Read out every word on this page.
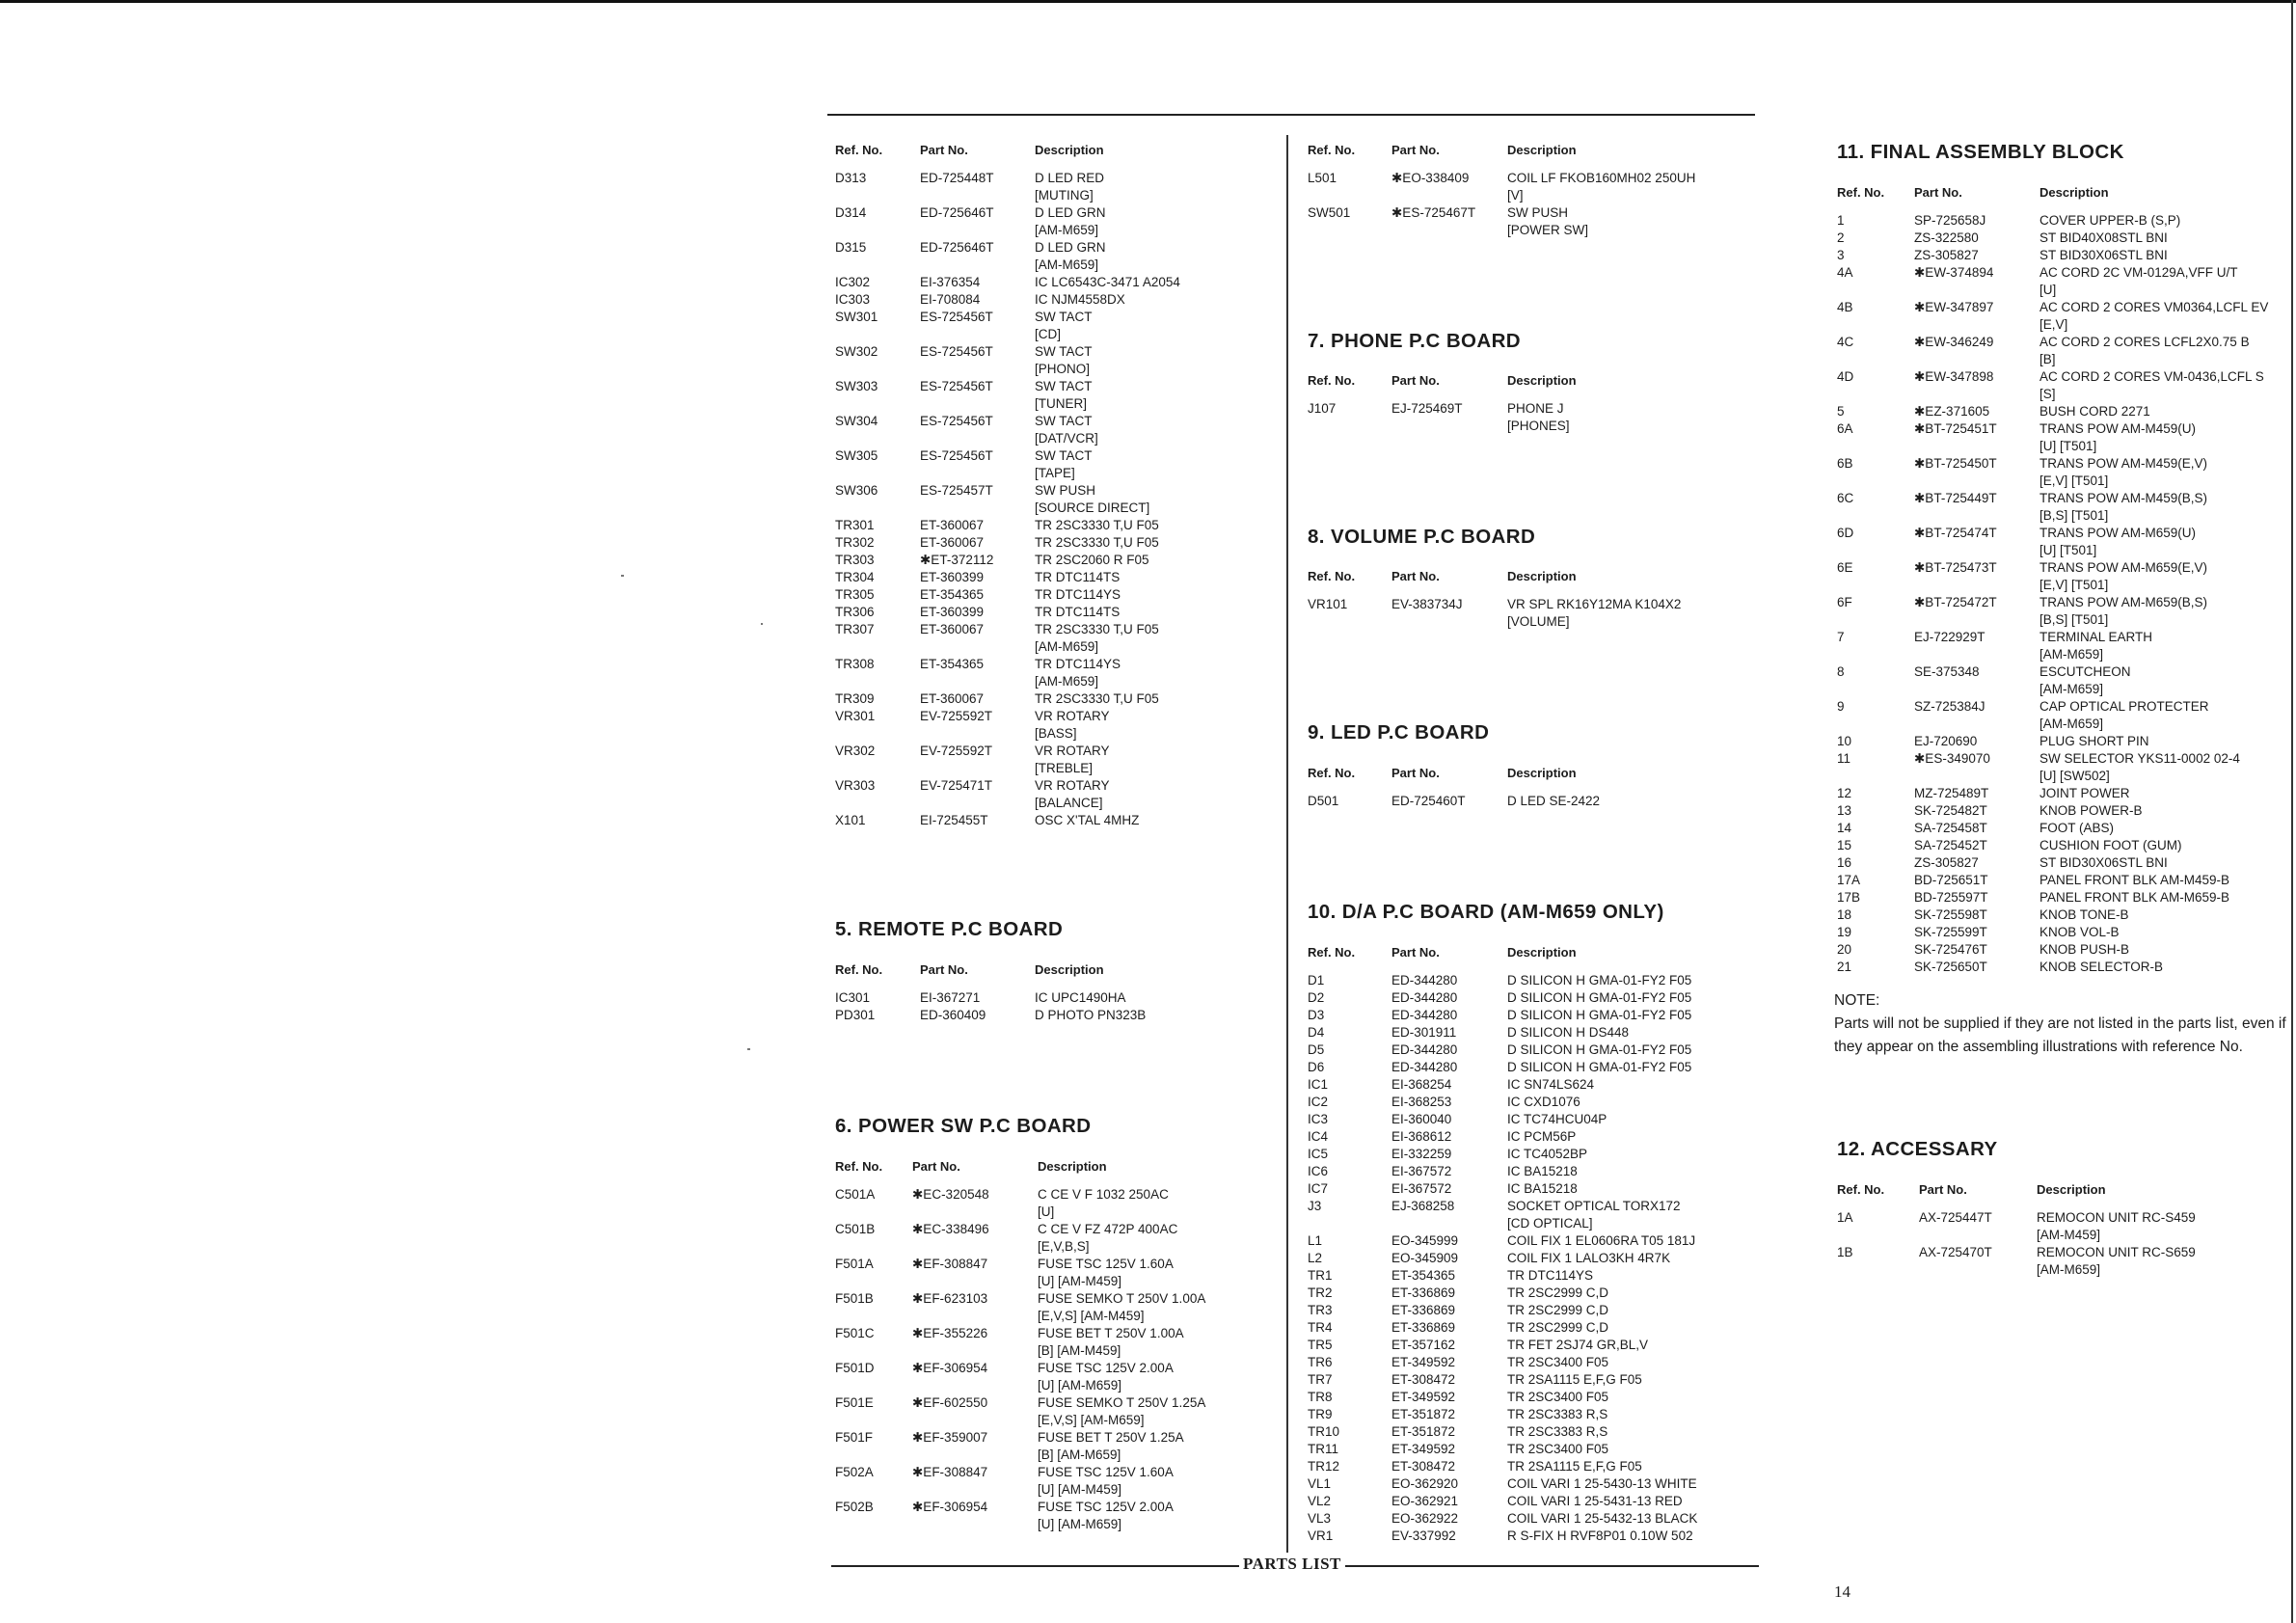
Ref. No.	Part No.	Description
D313	ED-725448T	D LED RED
[MUTING]
D314	ED-725646T	D LED GRN
[AM-M659]
D315	ED-725646T	D LED GRN
[AM-M659]
IC302	EI-376354	IC LC6543C-3471 A2054
IC303	EI-708084	IC NJM4558DX
SW301	ES-725456T	SW TACT
[CD]
SW302	ES-725456T	SW TACT
[PHONO]
SW303	ES-725456T	SW TACT
[TUNER]
SW304	ES-725456T	SW TACT
[DAT/VCR]
SW305	ES-725456T	SW TACT
[TAPE]
SW306	ES-725457T	SW PUSH
[SOURCE DIRECT]
TR301	ET-360067	TR 2SC3330 T,U F05
TR302	ET-360067	TR 2SC3330 T,U F05
TR303	✱ET-372112	TR 2SC2060 R F05
TR304	ET-360399	TR DTC114TS
TR305	ET-354365	TR DTC114YS
TR306	ET-360399	TR DTC114TS
TR307	ET-360067	TR 2SC3330 T,U F05
[AM-M659]
TR308	ET-354365	TR DTC114YS
[AM-M659]
TR309	ET-360067	TR 2SC3330 T,U F05
VR301	EV-725592T	VR ROTARY
[BASS]
VR302	EV-725592T	VR ROTARY
[TREBLE]
VR303	EV-725471T	VR ROTARY
[BALANCE]
X101	EI-725455T	OSC X'TAL 4MHZ
5. REMOTE P.C BOARD
Ref. No.	Part No.	Description
IC301	EI-367271	IC UPC1490HA
PD301	ED-360409	D PHOTO PN323B
6. POWER SW P.C BOARD
Ref. No. Part No.	Description
C501A	✱EC-320548	C CE V F 1032 250AC
[U]
C501B	✱EC-338496	C CE V FZ 472P 400AC
[E,V,B,S]
F501A	✱EF-308847	FUSE TSC 125V 1.60A
[U] [AM-M459]
F501B	✱EF-623103	FUSE SEMKO T 250V 1.00A
[E,V,S] [AM-M459]
F501C	✱EF-355226	FUSE BET T 250V 1.00A
[B] [AM-M459]
F501D	✱EF-306954	FUSE TSC 125V 2.00A
[U] [AM-M659]
F501E	✱EF-602550	FUSE SEMKO T 250V 1.25A
[E,V,S] [AM-M659]
F501F	✱EF-359007	FUSE BET T 250V 1.25A
[B] [AM-M659]
F502A	✱EF-308847	FUSE TSC 125V 1.60A
[U] [AM-M459]
F502B	✱EF-306954	FUSE TSC 125V 2.00A
[U] [AM-M659]
Ref. No.	Part No.	Description
L501	✱EO-338409	COIL LF FKOB160MH02 250UH
[V]
SW501	✱ES-725467T SW PUSH
[POWER SW]
7. PHONE P.C BOARD
Ref. No.	Part No.	Description
J107	EJ-725469T	PHONE J
[PHONES]
8. VOLUME P.C BOARD
Ref. No.	Part No.	Description
VR101	EV-383734J	VR SPL RK16Y12MA K104X2
[VOLUME]
9. LED P.C BOARD
Ref. No.	Part No.	Description
D501	ED-725460T	D LED SE-2422
10. D/A P.C BOARD (AM-M659 ONLY)
Ref. No.	Part No.	Description
D1	ED-344280	D SILICON H GMA-01-FY2 F05
D2	ED-344280	D SILICON H GMA-01-FY2 F05
D3	ED-344280	D SILICON H GMA-01-FY2 F05
D4	ED-301911	D SILICON H DS448
D5	ED-344280	D SILICON H GMA-01-FY2 F05
D6	ED-344280	D SILICON H GMA-01-FY2 F05
IC1	EI-368254	IC SN74LS624
IC2	EI-368253	IC CXD1076
IC3	EI-360040	IC TC74HCU04P
IC4	EI-368612	IC PCM56P
IC5	EI-332259	IC TC4052BP
IC6	EI-367572	IC BA15218
IC7	EI-367572	IC BA15218
J3	EJ-368258	SOCKET OPTICAL TORX172
[CD OPTICAL]
L1	EO-345999	COIL FIX 1 EL0606RA T05 181J
L2	EO-345909	COIL FIX 1 LALO3KH 4R7K
TR1	ET-354365	TR DTC114YS
TR2	ET-336869	TR 2SC2999 C,D
TR3	ET-336869	TR 2SC2999 C,D
TR4	ET-336869	TR 2SC2999 C,D
TR5	ET-357162	TR FET 2SJ74 GR,BL,V
TR6	ET-349592	TR 2SC3400 F05
TR7	ET-308472	TR 2SA1115 E,F,G F05
TR8	ET-349592	TR 2SC3400 F05
TR9	ET-351872	TR 2SC3383 R,S
TR10	ET-351872	TR 2SC3383 R,S
TR11	ET-349592	TR 2SC3400 F05
TR12	ET-308472	TR 2SA1115 E,F,G F05
VL1	EO-362920	COIL VARI 1 25-5430-13 WHITE
VL2	EO-362921	COIL VARI 1 25-5431-13 RED
VL3	EO-362922	COIL VARI 1 25-5432-13 BLACK
VR1	EV-337992	R S-FIX H RVF8P01 0.10W 502
11. FINAL ASSEMBLY BLOCK
Ref. No. Part No.	Description
1	SP-725658J	COVER UPPER-B (S,P)
2	ZS-322580	ST BID40X08STL BNI
3	ZS-305827	ST BID30X06STL BNI
4A	✱EW-374894	AC CORD 2C VM-0129A,VFF U/T
[U]
4B	✱EW-347897	AC CORD 2 CORES VM0364,LCFL EV
[E,V]
4C	✱EW-346249	AC CORD 2 CORES LCFL2X0.75 B
[B]
4D	✱EW-347898	AC CORD 2 CORES VM-0436,LCFL S
[S]
5	✱EZ-371605	BUSH CORD 2271
6A	✱BT-725451T	TRANS POW AM-M459(U)
[U] [T501]
6B	✱BT-725450T	TRANS POW AM-M459(E,V)
[E,V] [T501]
6C	✱BT-725449T	TRANS POW AM-M459(B,S)
[B,S] [T501]
6D	✱BT-725474T	TRANS POW AM-M659(U)
[U] [T501]
6E	✱BT-725473T	TRANS POW AM-M659(E,V)
[E,V] [T501]
6F	✱BT-725472T	TRANS POW AM-M659(B,S)
[B,S] [T501]
7	EJ-722929T	TERMINAL EARTH
[AM-M659]
8	SE-375348	ESCUTCHEON
[AM-M659]
9	SZ-725384J	CAP OPTICAL PROTECTER
[AM-M659]
10	EJ-720690	PLUG SHORT PIN
11	✱ES-349070	SW SELECTOR YKS11-0002 02-4
[U] [SW502]
12	MZ-725489T	JOINT POWER
13	SK-725482T	KNOB POWER-B
14	SA-725458T	FOOT (ABS)
15	SA-725452T	CUSHION FOOT (GUM)
16	ZS-305827	ST BID30X06STL BNI
17A	BD-725651T	PANEL FRONT BLK AM-M459-B
17B	BD-725597T	PANEL FRONT BLK AM-M659-B
18	SK-725598T	KNOB TONE-B
19	SK-725599T	KNOB VOL-B
20	SK-725476T	KNOB PUSH-B
21	SK-725650T	KNOB SELECTOR-B
NOTE:
Parts will not be supplied if they are not listed in the parts list, even if they appear on the assembling illustrations with reference No.
12. ACCESSARY
Ref. No.	Part No.	Description
1A	AX-725447T	REMOCON UNIT RC-S459
[AM-M459]
1B	AX-725470T	REMOCON UNIT RC-S659
[AM-M659]
PARTS LIST
14
